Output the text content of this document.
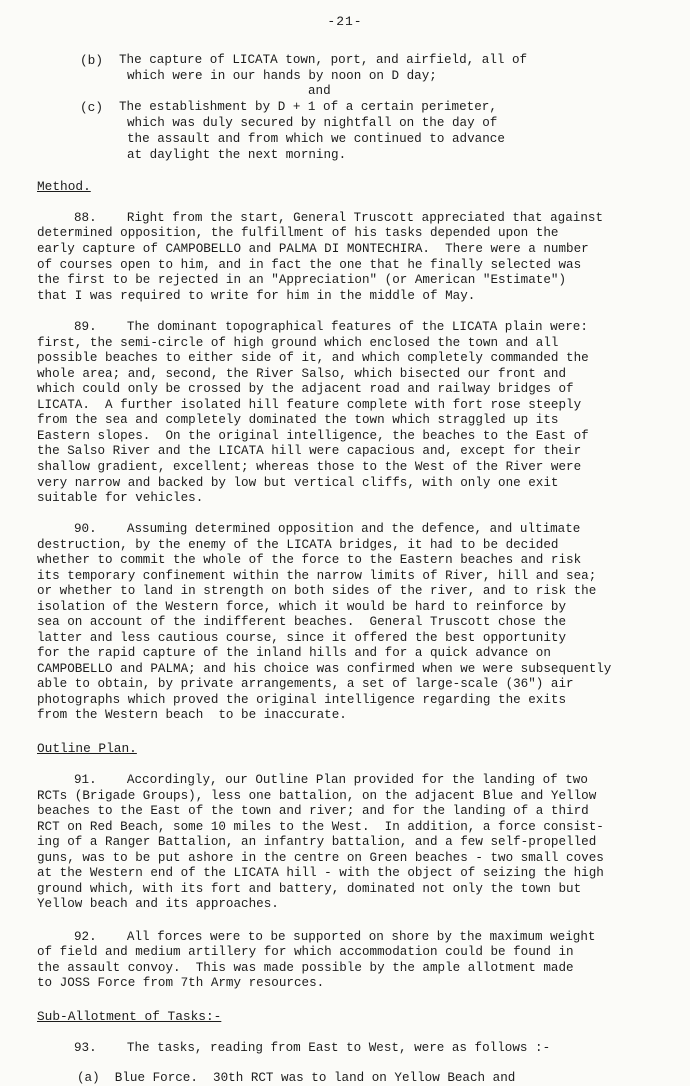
-21-
(b) The capture of LICATA town, port, and airfield, all of
which were in our hands by noon on D day;
and
(c) The establishment by D + 1 of a certain perimeter,
which was duly secured by nightfall on the day of
the assault and from which we continued to advance
at daylight the next morning.
Method.
88.    Right from the start, General Truscott appreciated that against
determined opposition, the fulfillment of his tasks depended upon the
early capture of CAMPOBELLO and PALMA DI MONTECHIRA.  There were a number
of courses open to him, and in fact the one that he finally selected was
the first to be rejected in an "Appreciation" (or American "Estimate")
that I was required to write for him in the middle of May.
89.    The dominant topographical features of the LICATA plain were:
first, the semi-circle of high ground which enclosed the town and all
possible beaches to either side of it, and which completely commanded the
whole area; and, second, the River Salso, which bisected our front and
which could only be crossed by the adjacent road and railway bridges of
LICATA.  A further isolated hill feature complete with fort rose steeply
from the sea and completely dominated the town which straggled up its
Eastern slopes.  On the original intelligence, the beaches to the East of
the Salso River and the LICATA hill were capacious and, except for their
shallow gradient, excellent; whereas those to the West of the River were
very narrow and backed by low but vertical cliffs, with only one exit
suitable for vehicles.
90.    Assuming determined opposition and the defence, and ultimate
destruction, by the enemy of the LICATA bridges, it had to be decided
whether to commit the whole of the force to the Eastern beaches and risk
its temporary confinement within the narrow limits of River, hill and sea;
or whether to land in strength on both sides of the river, and to risk the
isolation of the Western force, which it would be hard to reinforce by
sea on account of the indifferent beaches.  General Truscott chose the
latter and less cautious course, since it offered the best opportunity
for the rapid capture of the inland hills and for a quick advance on
CAMPOBELLO and PALMA; and his choice was confirmed when we were subsequently
able to obtain, by private arrangements, a set of large-scale (36") air
photographs which proved the original intelligence regarding the exits
from the Western beach  to be inaccurate.
Outline Plan.
91.    Accordingly, our Outline Plan provided for the landing of two
RCTs (Brigade Groups), less one battalion, on the adjacent Blue and Yellow
beaches to the East of the town and river; and for the landing of a third
RCT on Red Beach, some 10 miles to the West.  In addition, a force consist-
ing of a Ranger Battalion, an infantry battalion, and a few self-propelled
guns, was to be put ashore in the centre on Green beaches - two small coves
at the Western end of the LICATA hill - with the object of seizing the high
ground which, with its fort and battery, dominated not only the town but
Yellow beach and its approaches.
92.    All forces were to be supported on shore by the maximum weight
of field and medium artillery for which accommodation could be found in
the assault convoy.  This was made possible by the ample allotment made
to JOSS Force from 7th Army resources.
Sub-Allotment of Tasks:-
93.    The tasks, reading from East to West, were as follows :-
(a)  Blue Force.  30th RCT was to land on Yellow Beach and
